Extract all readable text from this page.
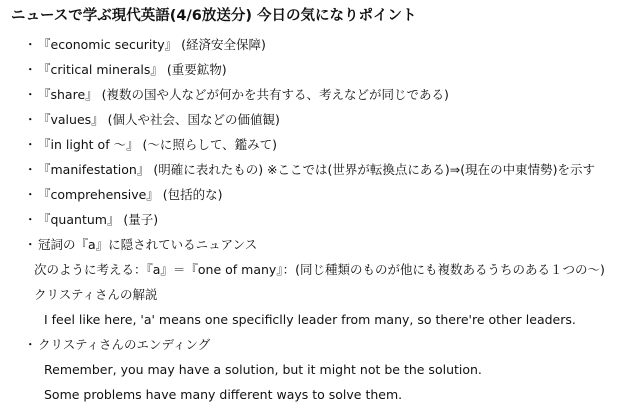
ニュースで学ぶ現代英語(4/6放送分) 今日の気になりポイント
・『economic security』 (経済安全保障)
・『critical minerals』 (重要鉱物)
・『share』 (複数の国や人などが何かを共有する、考えなどが同じである)
・『values』 (個人や社会、国などの価値観)
・『in light of ～』 (～に照らして、鑑みて)
・『manifestation』 (明確に表れたもの) ※ここでは(世界が転換点にある)⇒(現在の中東情勢)を示す
・『comprehensive』 (包括的な)
・『quantum』 (量子)
・冠詞の『a』に隠されているニュアンス
次のように考える：『a』＝『one of many』：(同じ種類のものが他にも複数あるうちのある１つの～)
クリスティさんの解説
I feel like here, 'a' means one specificlly leader from many, so there're other leaders.
・クリスティさんのエンディング
Remember, you may have a solution, but it might not be the solution.
Some problems have many different ways to solve them.
